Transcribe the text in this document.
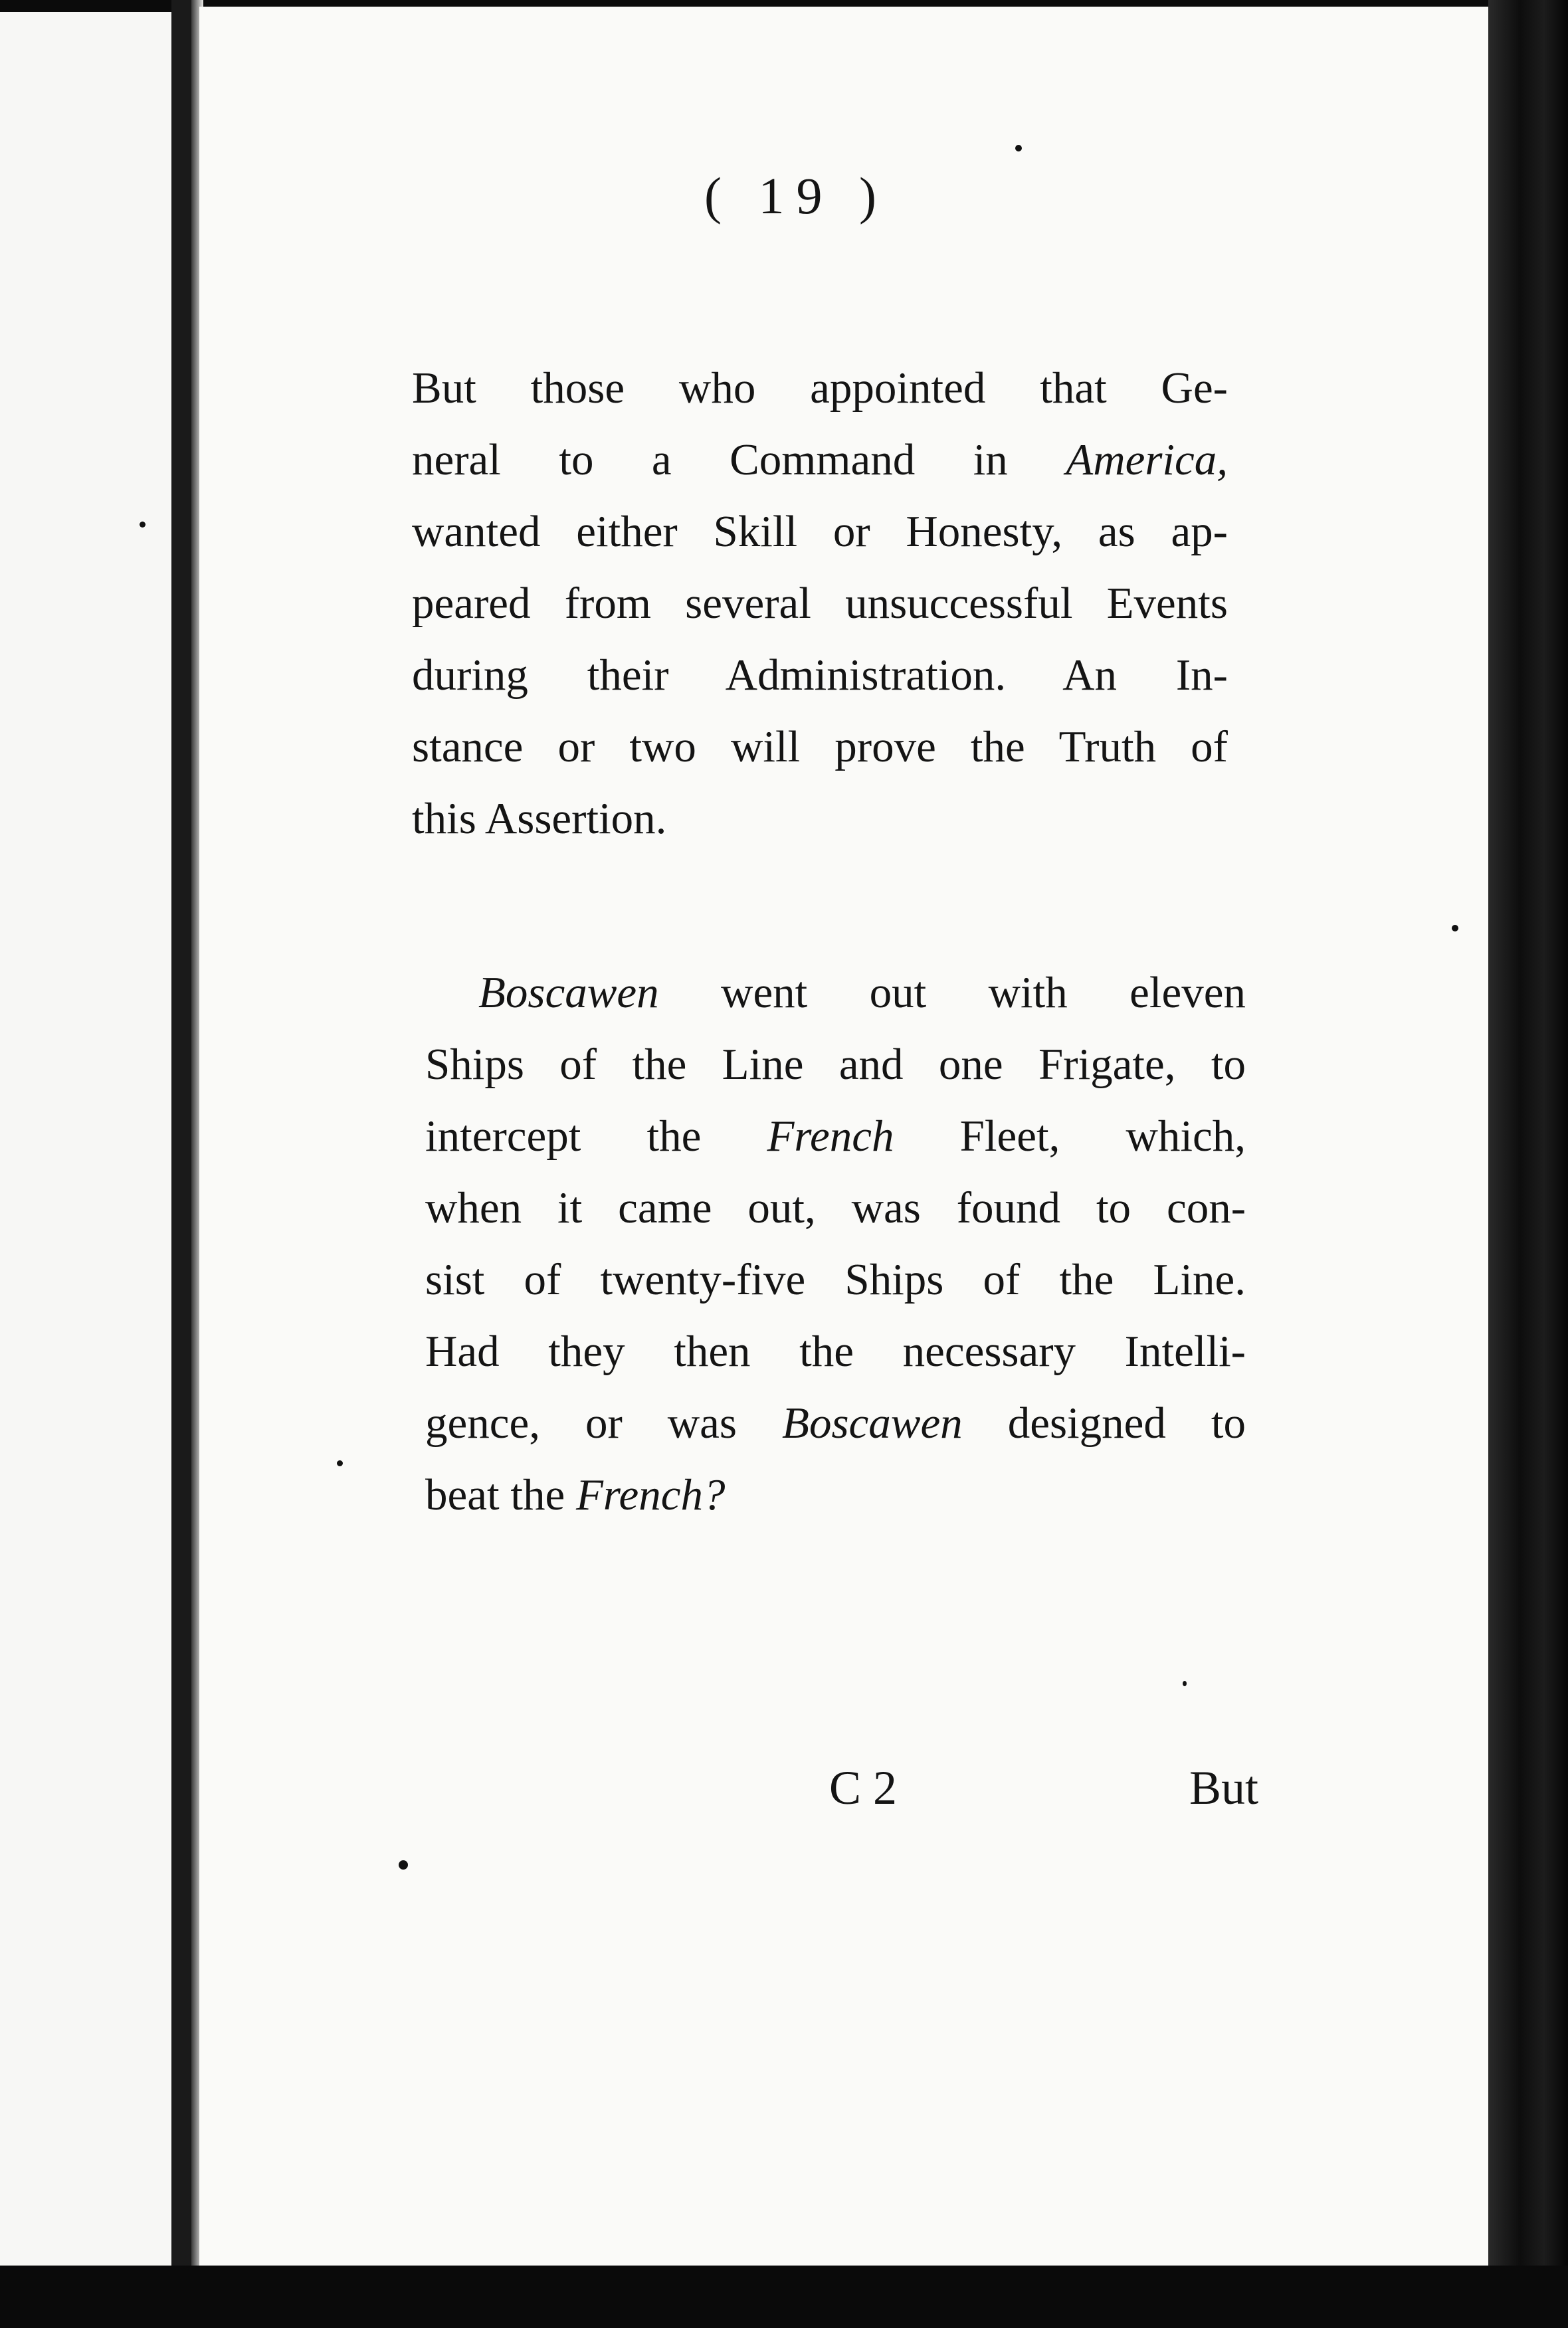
( 19 )
But those who appointed that Ge-
neral to a Command in America,
wanted either Skill or Honesty, as ap-
peared from several unsuccessful Events
during their Administration. An In-
stance or two will prove the Truth of
this Assertion.
Boscawen went out with eleven
Ships of the Line and one Frigate, to
intercept the French Fleet, which,
when it came out, was found to con-
sist of twenty-five Ships of the Line.
Had they then the necessary Intelli-
gence, or was Boscawen designed to
beat the French?
C 2	But
